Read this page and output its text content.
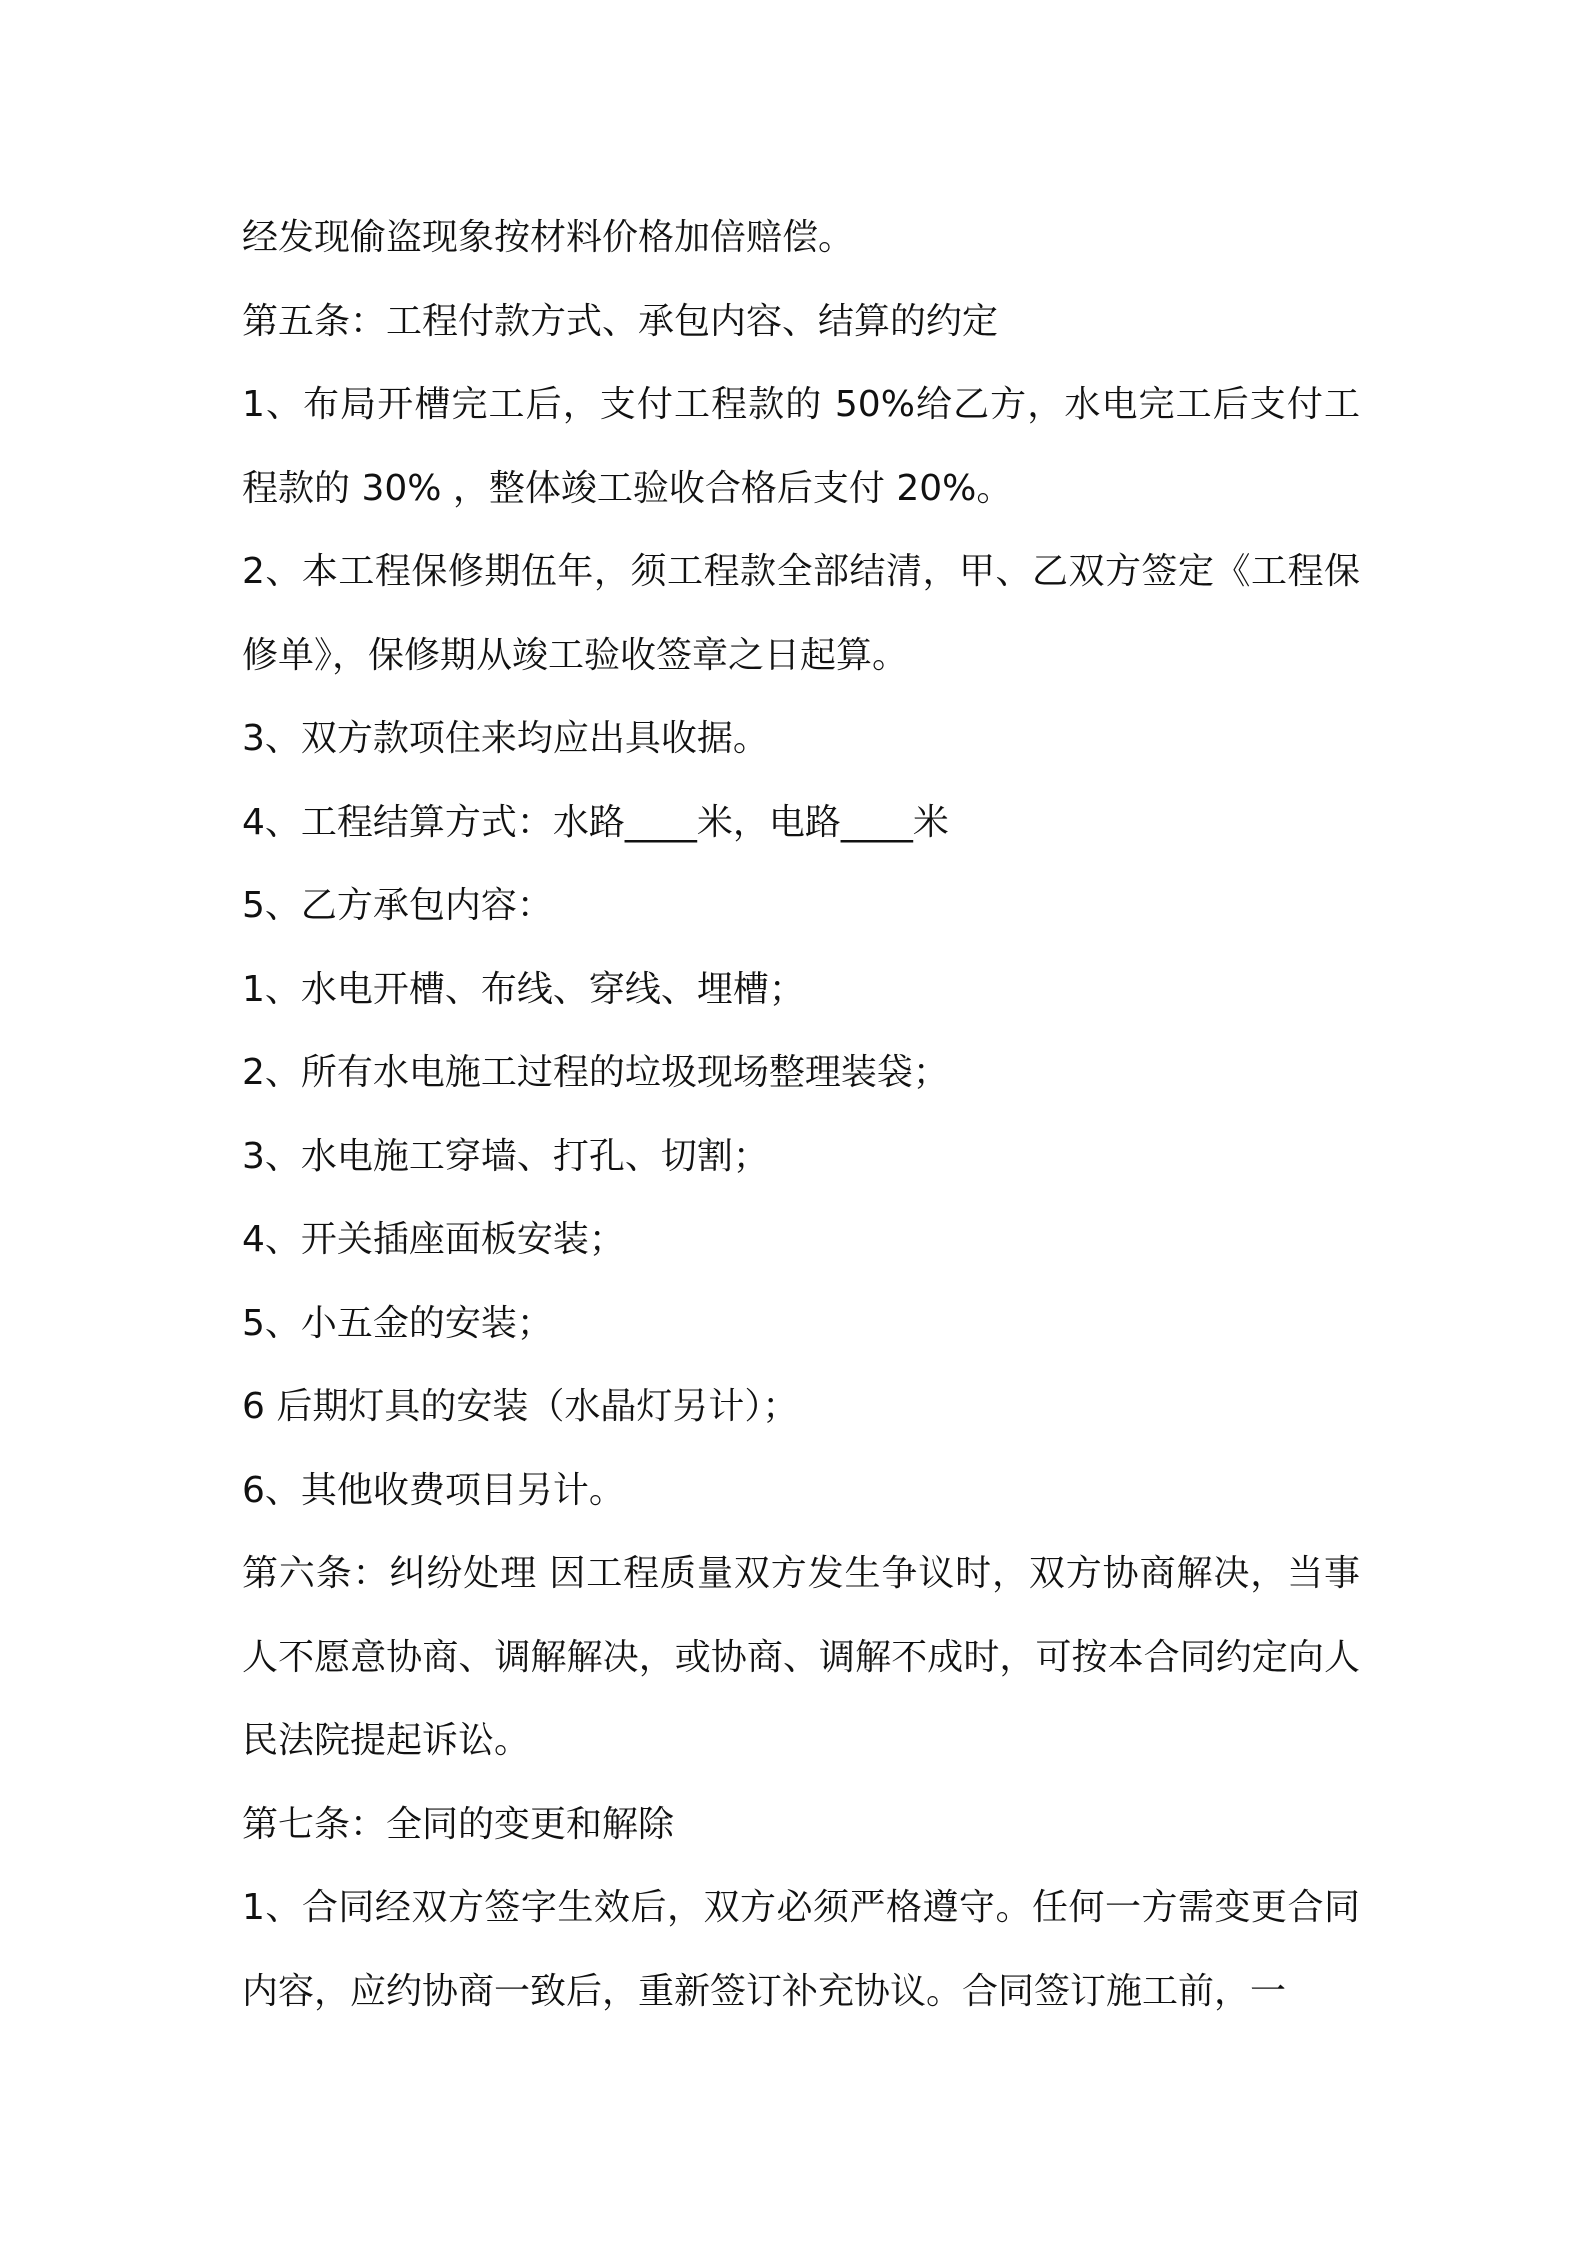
经发现偷盗现象按材料价格加倍赔偿。

第五条：工程付款方式、承包内容、结算的约定

1、布局开槽完工后，支付工程款的 50%给乙方，水电完工后支付工程款的 30% ，整体竣工验收合格后支付 20%。

2、本工程保修期伍年，须工程款全部结清，甲、乙双方签定《工程保修单》，保修期从竣工验收签章之日起算。

3、双方款项住来均应出具收据。

4、工程结算方式：水路____米，电路____米

5、乙方承包内容：

1、水电开槽、布线、穿线、埋槽；

2、所有水电施工过程的垃圾现场整理装袋；

3、水电施工穿墙、打孔、切割；

4、开关插座面板安装；

5、小五金的安装；

6 后期灯具的安装（水晶灯另计）；

6、其他收费项目另计。

第六条：纠纷处理 因工程质量双方发生争议时，双方协商解决，当事人不愿意协商、调解解决，或协商、调解不成时，可按本合同约定向人民法院提起诉讼。

第七条：全同的变更和解除

1、合同经双方签字生效后，双方必须严格遵守。任何一方需变更合同内容，应约协商一致后，重新签订补充协议。合同签订施工前，一
